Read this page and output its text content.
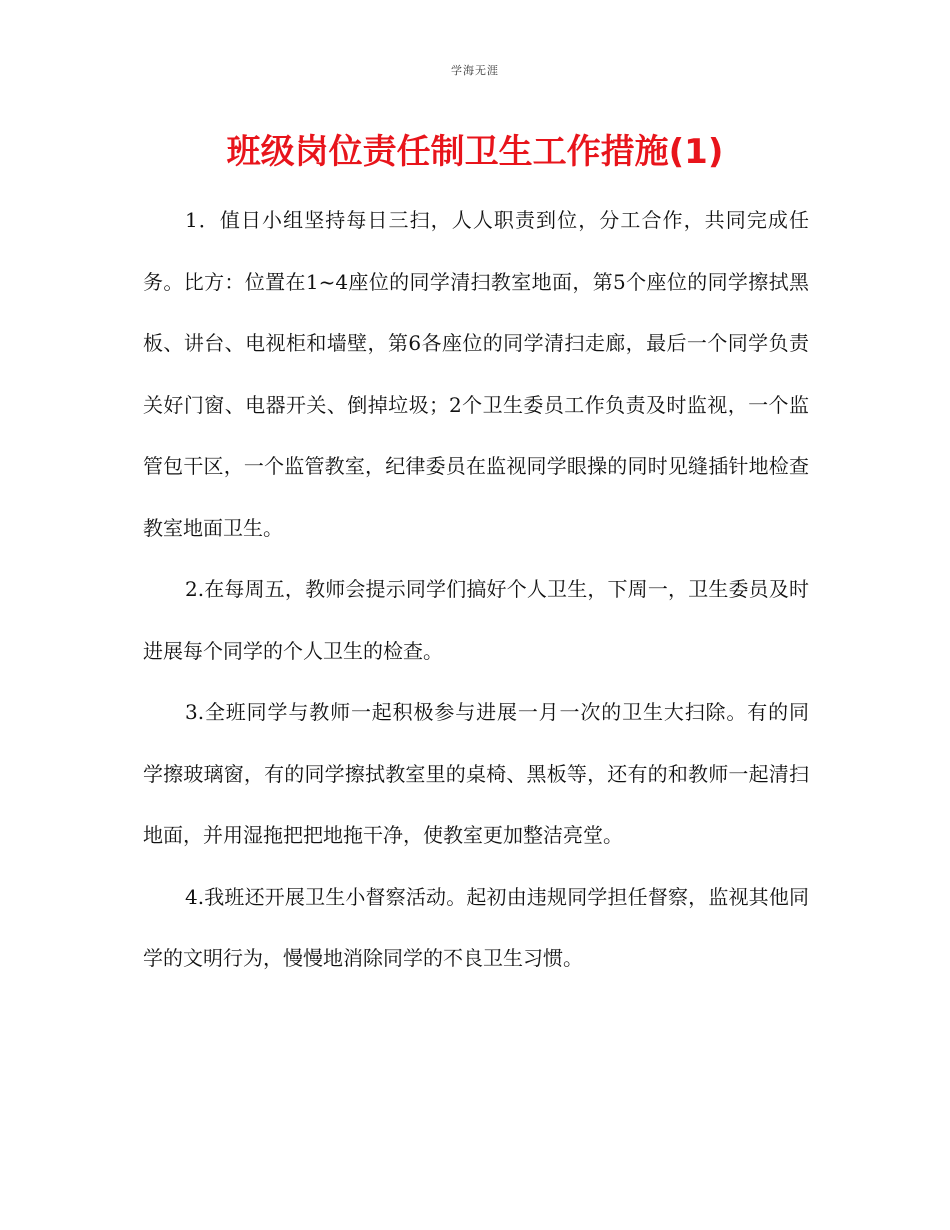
学海无涯
班级岗位责任制卫生工作措施(1)

1．值日小组坚持每日三扫，人人职责到位，分工合作，共同完成任务。比方：位置在1~4座位的同学清扫教室地面，第5个座位的同学擦拭黑板、讲台、电视柜和墙壁，第6各座位的同学清扫走廊，最后一个同学负责关好门窗、电器开关、倒掉垃圾；2个卫生委员工作负责及时监视，一个监管包干区，一个监管教室，纪律委员在监视同学眼操的同时见缝插针地检查教室地面卫生。

2.在每周五，教师会提示同学们搞好个人卫生，下周一，卫生委员及时进展每个同学的个人卫生的检查。

3.全班同学与教师一起积极参与进展一月一次的卫生大扫除。有的同　学擦玻璃窗，有的同学擦拭教室里的桌椅、黑板等，还有的和教师一起清扫地面，并用湿拖把把地拖干净，使教室更加整洁亮堂。

4.我班还开展卫生小督察活动。起初由违规同学担任督察，监视其他同学的文明行为，慢慢地消除同学的不良卫生习惯。
